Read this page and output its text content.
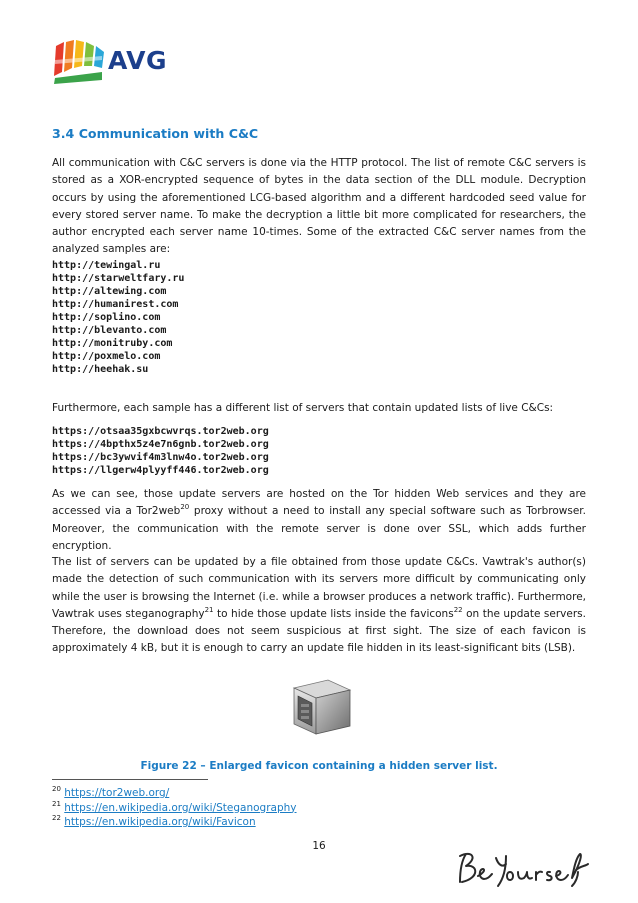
AVG
3.4 Communication with C&C

All communication with C&C servers is done via the HTTP protocol. The list of remote C&C servers is stored as a XOR-encrypted sequence of bytes in the data section of the DLL module. Decryption occurs by using the aforementioned LCG-based algorithm and a different hardcoded seed value for every stored server name. To make the decryption a little bit more complicated for researchers, the author encrypted each server name 10-times. Some of the extracted C&C server names from the analyzed samples are:

http://tewingal.ru
http://starweltfary.ru
http://altewing.com
http://humanirest.com
http://soplino.com
http://blevanto.com
http://monitruby.com
http://poxmelo.com
http://heehak.su

Furthermore, each sample has a different list of servers that contain updated lists of live C&Cs:

https://otsaa35gxbcwvrqs.tor2web.org
https://4bpthx5z4e7n6gnb.tor2web.org
https://bc3ywvif4m3lnw4o.tor2web.org
https://llgerw4plyyff446.tor2web.org

As we can see, those update servers are hosted on the Tor hidden Web services and they are accessed via a Tor2web$^{20}$ proxy without a need to install any special software such as Torbrowser. Moreover, the communication with the remote server is done over SSL, which adds further encryption.

The list of servers can be updated by a file obtained from those update C&Cs. Vawtrak's author(s) made the detection of such communication with its servers more difficult by communicating only while the user is browsing the Internet (i.e. while a browser produces a network traffic). Furthermore, Vawtrak uses steganography$^{21}$ to hide those update lists inside the favicons$^{22}$ on the update servers. Therefore, the download does not seem suspicious at first sight. The size of each favicon is approximately 4 kB, but it is enough to carry an update file hidden in its least-significant bits (LSB).

Figure 22 – Enlarged favicon containing a hidden server list.
$^{20}$ https://tor2web.org/
$^{21}$ https://en.wikipedia.org/wiki/Steganography
$^{22}$ https://en.wikipedia.org/wiki/Favicon
16
